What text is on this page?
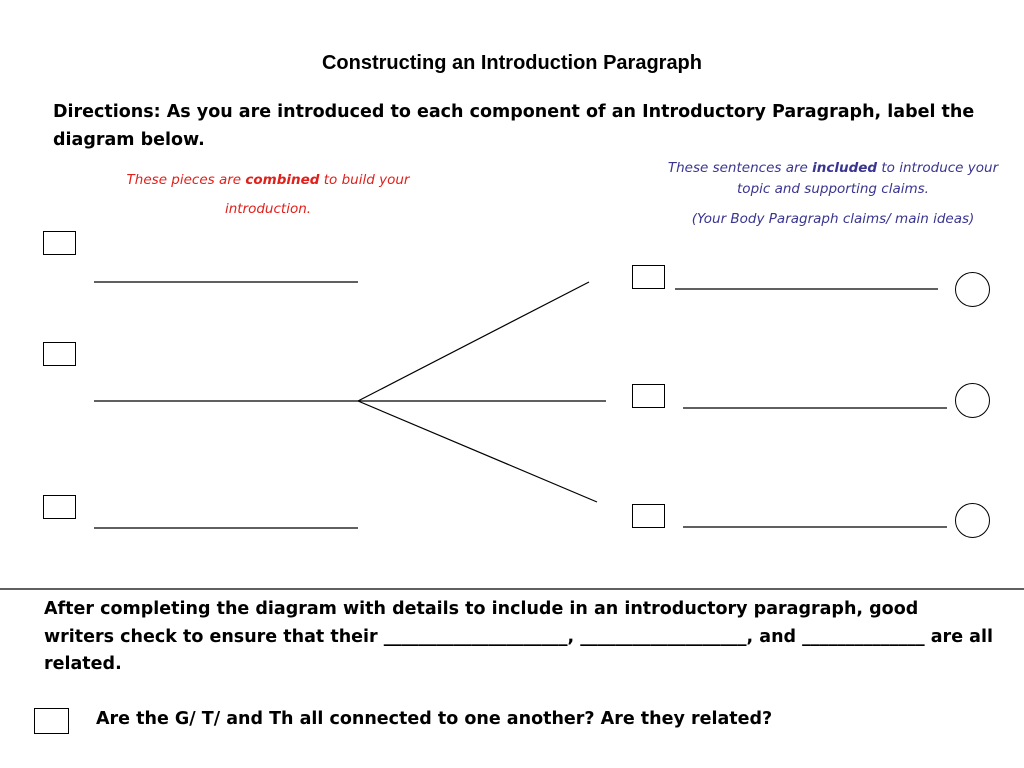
Constructing an Introduction Paragraph
Directions: As you are introduced to each component of an Introductory Paragraph, label the diagram below.
These pieces are combined to build your introduction.

These sentences are included to introduce your topic and supporting claims.

(Your Body Paragraph claims/ main ideas)

After completing the diagram with details to include in an introductory paragraph, good writers check to ensure that their _____________________, ___________________, and ______________ are all related.
Are the G/ T/ and Th all connected to one another? Are they related?
